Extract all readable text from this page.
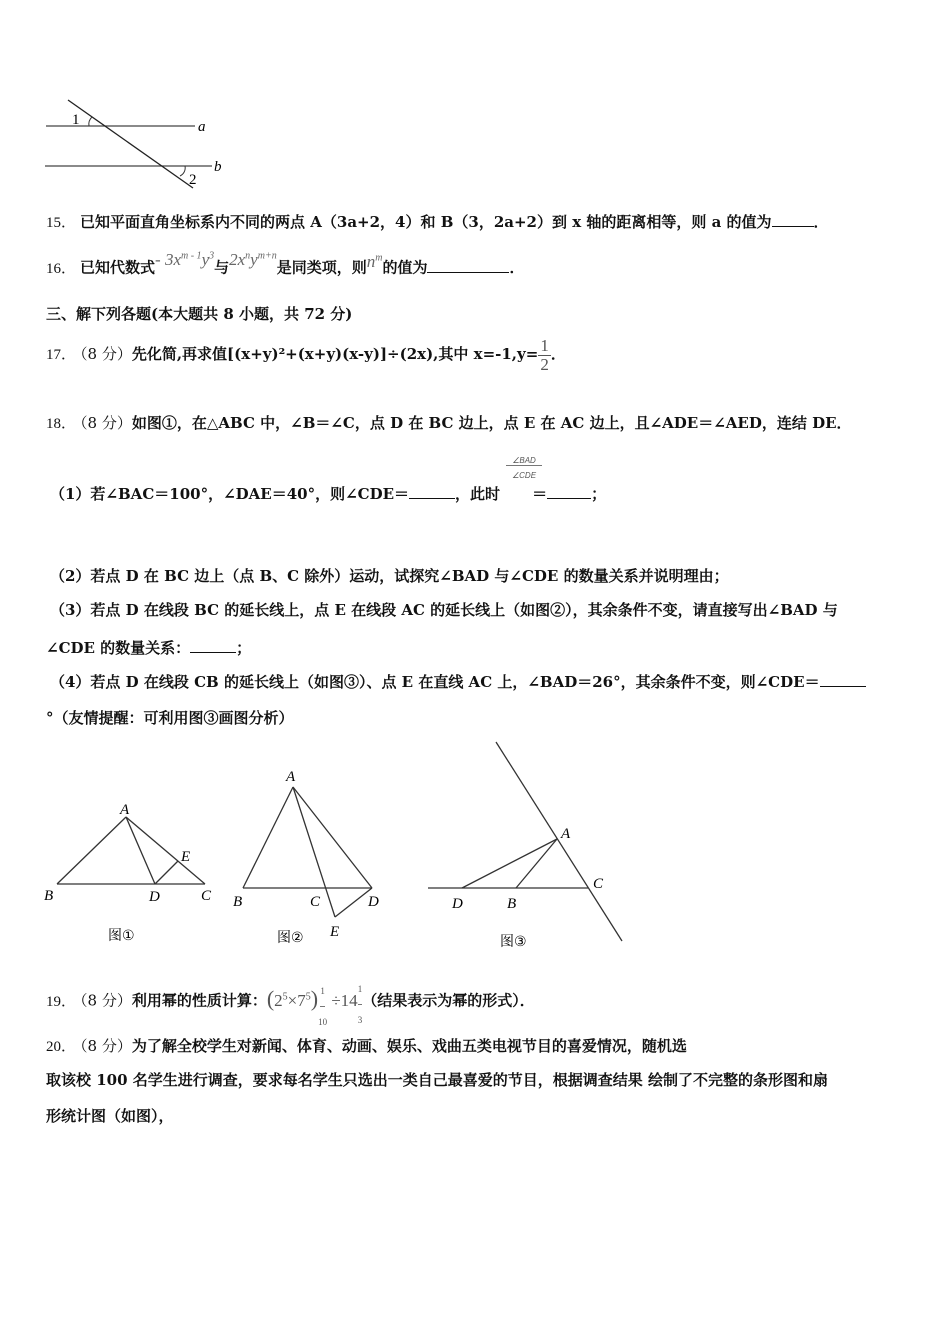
1	a
b
2
15． 已知平面直角坐标系内不同的两点 A（3a+2，4）和 B（3，2a+2）到 x 轴的距离相等，则 a 的值为	．
16． 已知代数式- $3x^{m - 1}y^3$与$2x^ny^{m+n}$是同类项，则$n^m$的值为	．
三、解下列各题(本大题共 8 小题，共 72 分)
17． （8 分）先化简,再求值[(x+y)²+(x+y)(x-y)]÷(2x),其中 $x=-1,y= \frac{1}{2}$ ．
18． （8 分）如图①，在△ABC 中，∠B＝∠C，点 D 在 BC 边上，点 E 在 AC 边上，且∠ADE＝∠AED，连结 DE．
∠BAD
∠CDE
（1）若∠BAC＝100°，∠DAE＝40°，则∠CDE＝	，此时 ＝	；
（2）若点 D 在 BC 边上（点 B、C 除外）运动，试探究∠BAD 与∠CDE 的数量关系并说明理由；
（3）若点 D 在线段 BC 的延长线上，点 E 在线段 AC 的延长线上（如图②），其余条件不变，请直接写出∠BAD 与
∠CDE 的数量关系：	；
（4）若点 D 在线段 CB 的延长线上（如图③）、点 E 在直线 AC 上，∠BAD＝26°，其余条件不变，则∠CDE＝
°（友情提醒：可利用图③画图分析）
A
B	C
D
E
图①
A
B	C	D
E
图②
A
B
C
D
图③
19． （8 分）利用幂的性质计算：$(2^5\times 7^5) \frac{1}{10} \div 14 \frac{1}{3}$ （结果表示为幂的形式）．
20． （8 分）为了解全校学生对新闻、体育、动画、娱乐、戏曲五类电视节目的喜爱情况，随机选
取该校 100 名学生进行调查，要求每名学生只选出一类自己最喜爱的节目，根据调查结果 绘制了不完整的条形图和扇
形统计图（如图），
